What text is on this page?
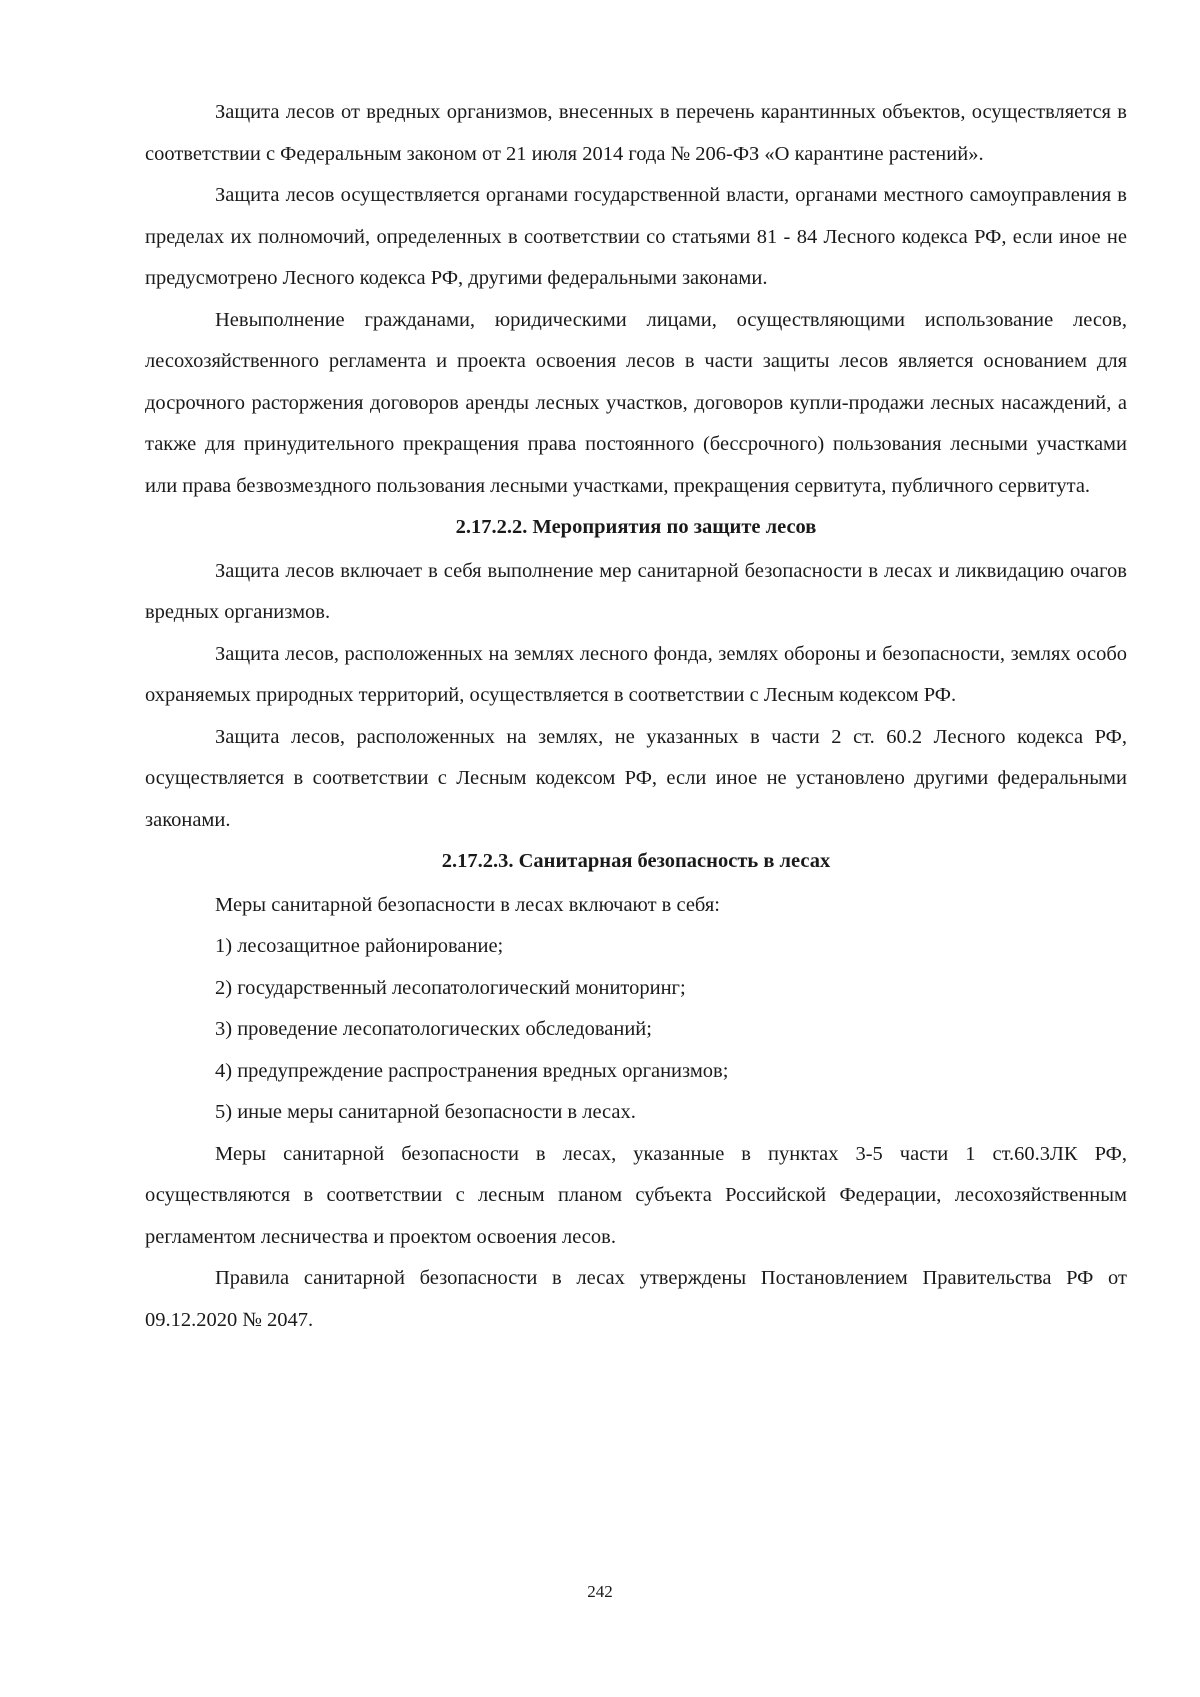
Защита лесов от вредных организмов, внесенных в перечень карантинных объектов, осуществляется в соответствии с Федеральным законом от 21 июля 2014 года № 206-ФЗ «О карантине растений».

Защита лесов осуществляется органами государственной власти, органами местного самоуправления в пределах их полномочий, определенных в соответствии со статьями 81 - 84 Лесного кодекса РФ, если иное не предусмотрено Лесного кодекса РФ, другими федеральными законами.

Невыполнение гражданами, юридическими лицами, осуществляющими использование лесов, лесохозяйственного регламента и проекта освоения лесов в части защиты лесов является основанием для досрочного расторжения договоров аренды лесных участков, договоров купли-продажи лесных насаждений, а также для принудительного прекращения права постоянного (бессрочного) пользования лесными участками или права безвозмездного пользования лесными участками, прекращения сервитута, публичного сервитута.

2.17.2.2. Мероприятия по защите лесов

Защита лесов включает в себя выполнение мер санитарной безопасности в лесах и ликвидацию очагов вредных организмов.

Защита лесов, расположенных на землях лесного фонда, землях обороны и безопасности, землях особо охраняемых природных территорий, осуществляется в соответствии с Лесным кодексом РФ.

Защита лесов, расположенных на землях, не указанных в части 2 ст. 60.2 Лесного кодекса РФ, осуществляется в соответствии с Лесным кодексом РФ, если иное не установлено другими федеральными законами.

2.17.2.3. Санитарная безопасность в лесах

Меры санитарной безопасности в лесах включают в себя:

1) лесозащитное районирование;

2) государственный лесопатологический мониторинг;

3) проведение лесопатологических обследований;

4) предупреждение распространения вредных организмов;

5) иные меры санитарной безопасности в лесах.

Меры санитарной безопасности в лесах, указанные в пунктах 3-5 части 1 ст.60.3ЛК РФ, осуществляются в соответствии с лесным планом субъекта Российской Федерации, лесохозяйственным регламентом лесничества и проектом освоения лесов.

Правила санитарной безопасности в лесах утверждены Постановлением Правительства РФ от 09.12.2020 № 2047.

242
